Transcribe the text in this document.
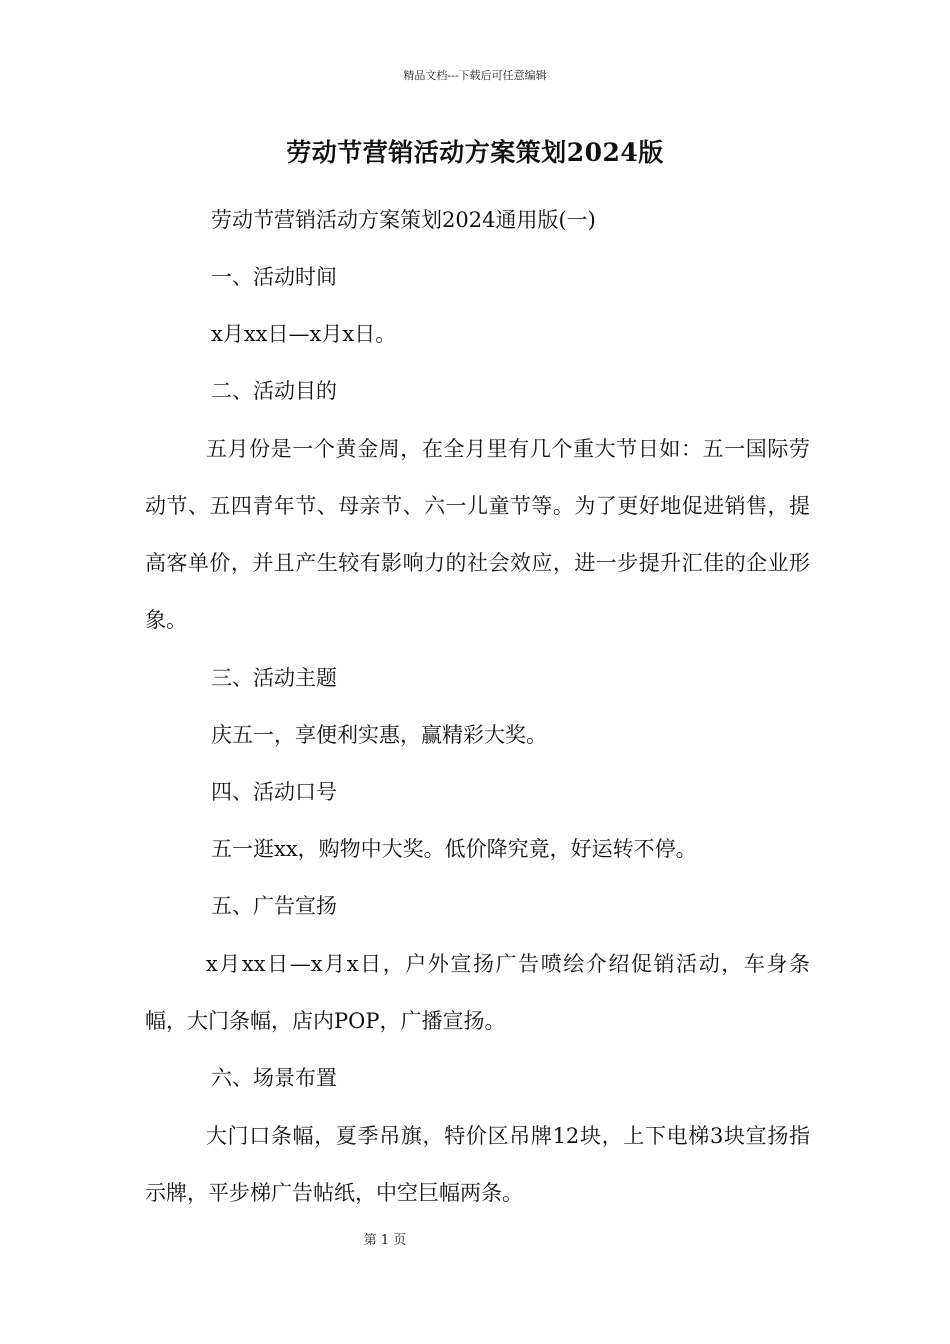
精品文档---下载后可任意编辑
劳动节营销活动方案策划2024版
劳动节营销活动方案策划2024通用版(一)
一、活动时间
x月xx日—x月x日。
二、活动目的
五月份是一个黄金周，在全月里有几个重大节日如：五一国际劳动节、五四青年节、母亲节、六一儿童节等。为了更好地促进销售，提高客单价，并且产生较有影响力的社会效应，进一步提升汇佳的企业形象。
三、活动主题
庆五一，享便利实惠，赢精彩大奖。
四、活动口号
五一逛xx，购物中大奖。低价降究竟，好运转不停。
五、广告宣扬
x月xx日—x月x日，户外宣扬广告喷绘介绍促销活动，车身条幅，大门条幅，店内POP，广播宣扬。
六、场景布置
大门口条幅，夏季吊旗，特价区吊牌12块，上下电梯3块宣扬指示牌，平步梯广告帖纸，中空巨幅两条。
第 1 页
